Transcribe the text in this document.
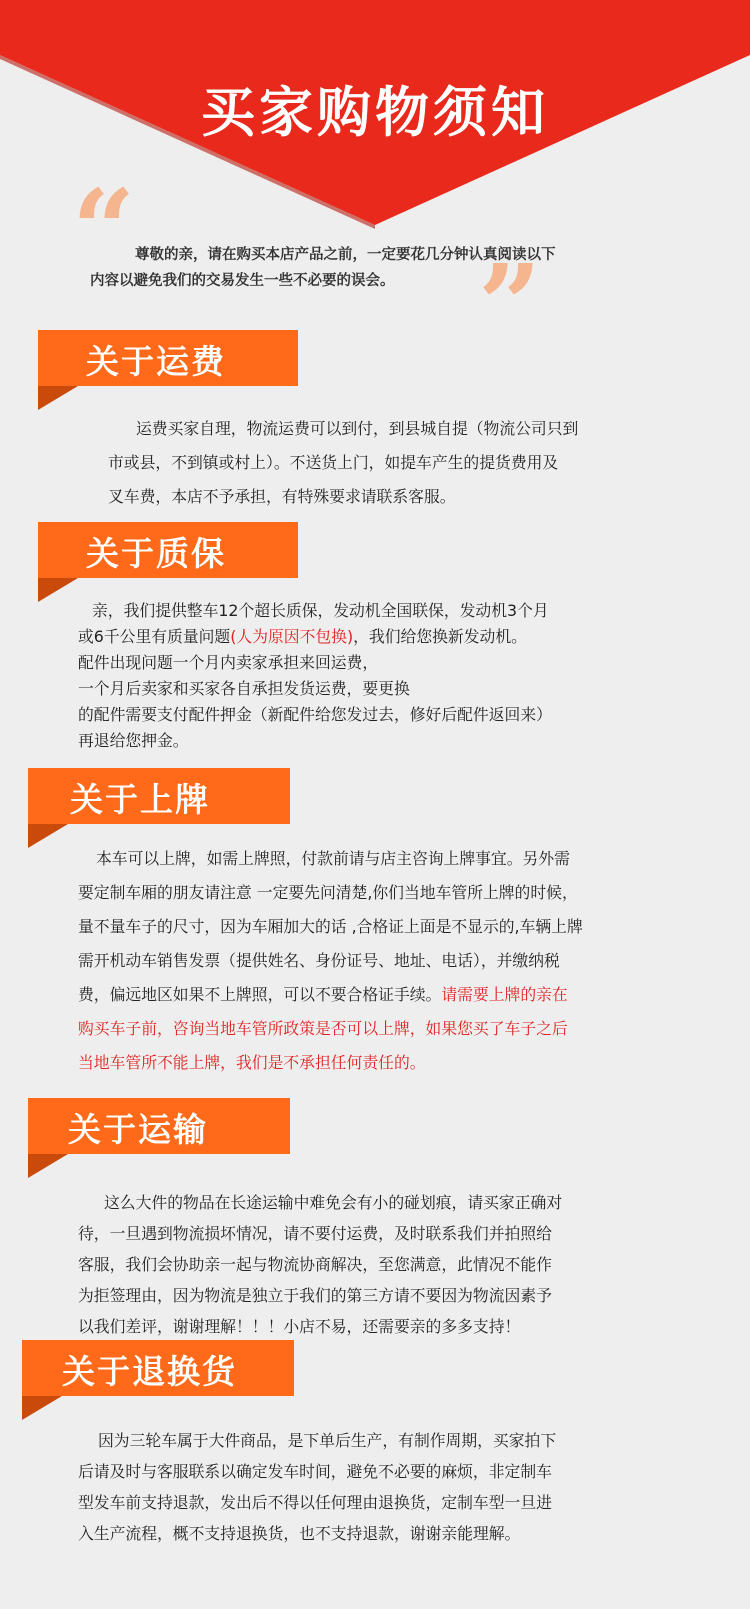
买家购物须知
“ 尊敬的亲，请在购买本店产品之前，一定要花几分钟认真阅读以下
内容以避免我们的交易发生一些不必要的误会。 ”
关于运费
运费买家自理，物流运费可以到付，到县城自提（物流公司只到
市或县，不到镇或村上）。不送货上门，如提车产生的提货费用及
叉车费，本店不予承担，有特殊要求请联系客服。
关于质保
亲，我们提供整车12个超长质保，发动机全国联保，发动机3个月
或6千公里有质量问题(人为原因不包换)，我们给您换新发动机。
配件出现问题一个月内卖家承担来回运费，
一个月后卖家和买家各自承担发货运费，要更换
的配件需要支付配件押金（新配件给您发过去，修好后配件返回来）
再退给您押金。
关于上牌
本车可以上牌，如需上牌照，付款前请与店主咨询上牌事宜。另外需
要定制车厢的朋友请注意 一定要先问清楚,你们当地车管所上牌的时候，
量不量车子的尺寸，因为车厢加大的话 ,合格证上面是不显示的,车辆上牌
需开机动车销售发票（提供姓名、身份证号、地址、电话），并缴纳税
费，偏远地区如果不上牌照，可以不要合格证手续。请需要上牌的亲在
购买车子前，咨询当地车管所政策是否可以上牌，如果您买了车子之后
当地车管所不能上牌，我们是不承担任何责任的。
关于运输
这么大件的物品在长途运输中难免会有小的碰划痕，请买家正确对
待，一旦遇到物流损坏情况，请不要付运费，及时联系我们并拍照给
客服，我们会协助亲一起与物流协商解决，至您满意，此情况不能作
为拒签理由，因为物流是独立于我们的第三方请不要因为物流因素予
以我们差评，谢谢理解！！！小店不易，还需要亲的多多支持！
关于退换货
因为三轮车属于大件商品，是下单后生产，有制作周期，买家拍下
后请及时与客服联系以确定发车时间，避免不必要的麻烦，非定制车
型发车前支持退款，发出后不得以任何理由退换货，定制车型一旦进
入生产流程，概不支持退换货，也不支持退款，谢谢亲能理解。
